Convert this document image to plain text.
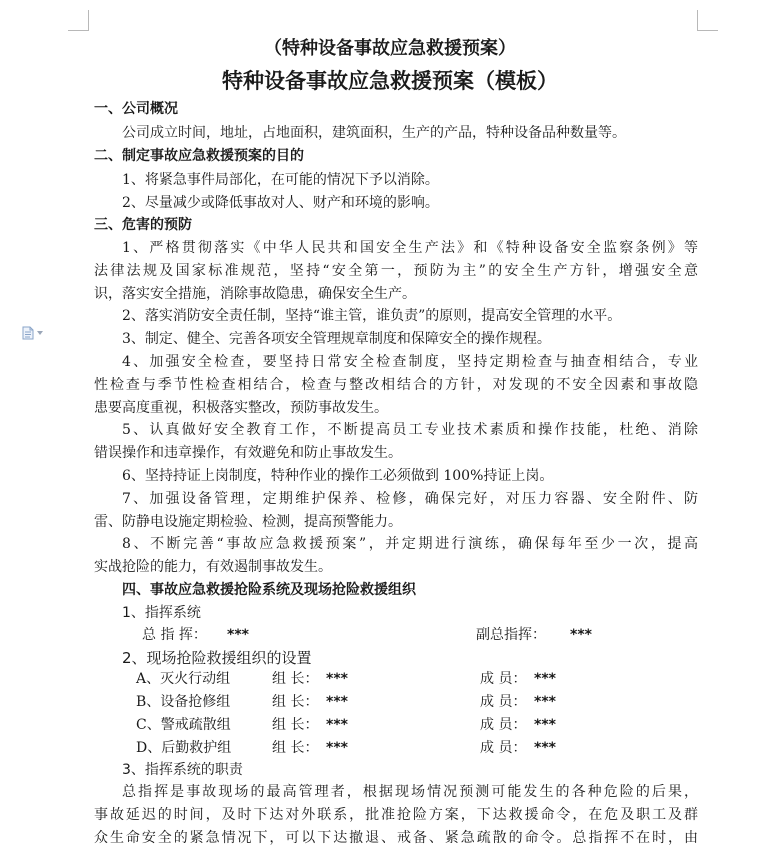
（特种设备事故应急救援预案）
特种设备事故应急救援预案（模板）
一、公司概况
公司成立时间，地址，占地面积，建筑面积，生产的产品，特种设备品种数量等。
二、制定事故应急救援预案的目的
1、将紧急事件局部化，在可能的情况下予以消除。
2、尽量减少或降低事故对人、财产和环境的影响。
三、危害的预防
1、严格贯彻落实《中华人民共和国安全生产法》和《特种设备安全监察条例》等
法律法规及国家标准规范，坚持“安全第一，预防为主”的安全生产方针，增强安全意
识，落实安全措施，消除事故隐患，确保安全生产。
2、落实消防安全责任制，坚持“谁主管，谁负责”的原则，提高安全管理的水平。
3、制定、健全、完善各项安全管理规章制度和保障安全的操作规程。
4、加强安全检查，要坚持日常安全检查制度，坚持定期检查与抽查相结合，专业
性检查与季节性检查相结合，检查与整改相结合的方针，对发现的不安全因素和事故隐
患要高度重视，积极落实整改，预防事故发生。
5、认真做好安全教育工作，不断提高员工专业技术素质和操作技能，杜绝、消除
错误操作和违章操作，有效避免和防止事故发生。
6、坚持持证上岗制度，特种作业的操作工必须做到 100%持证上岗。
7、加强设备管理，定期维护保养、检修，确保完好，对压力容器、安全附件、防
雷、防静电设施定期检验、检测，提高预警能力。
8、不断完善“事故应急救援预案”，并定期进行演练，确保每年至少一次，提高
实战抢险的能力，有效遏制事故发生。
四、事故应急救援抢险系统及现场抢险救援组织
1、指挥系统
总 指 挥： ***	副总指挥： ***
2、现场抢险救援组织的设置
A、灭火行动组	组 长： ***	成 员： ***
B、设备抢修组	组 长： ***	成 员： ***
C、警戒疏散组	组 长： ***	成 员： ***
D、后勤救护组	组 长： ***	成 员： ***
3、指挥系统的职责
总指挥是事故现场的最高管理者，根据现场情况预测可能发生的各种危险的后果，
事故延迟的时间，及时下达对外联系，批准抢险方案，下达救援命令，在危及职工及群
众生命安全的紧急情况下，可以下达撤退、戒备、紧急疏散的命令。总指挥不在时，由
